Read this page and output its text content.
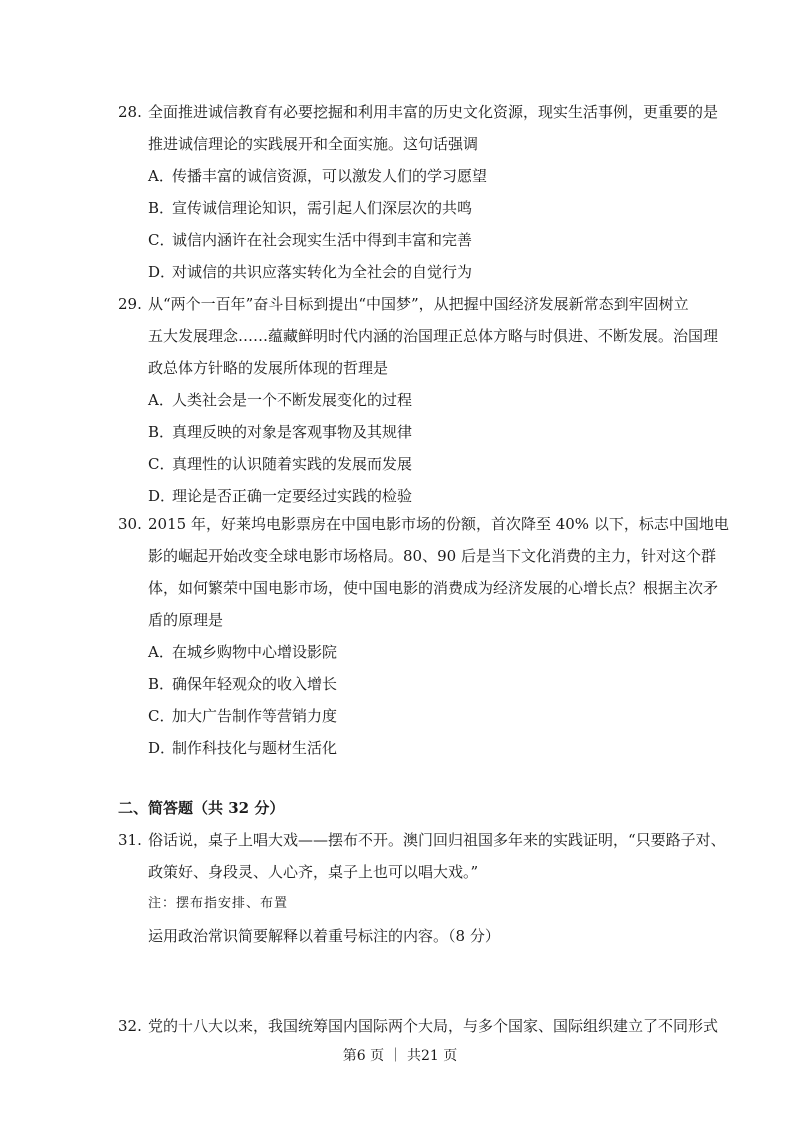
28. 全面推进诚信教育有必要挖掘和利用丰富的历史文化资源，现实生活事例，更重要的是
推进诚信理论的实践展开和全面实施。这句话强调
A．传播丰富的诚信资源，可以激发人们的学习愿望
B．宣传诚信理论知识，需引起人们深层次的共鸣
C．诚信内涵许在社会现实生活中得到丰富和完善
D．对诚信的共识应落实转化为全社会的自觉行为
29. 从“两个一百年”奋斗目标到提出“中国梦”，从把握中国经济发展新常态到牢固树立
五大发展理念……蕴藏鲜明时代内涵的治国理正总体方略与时俱进、不断发展。治国理
政总体方针略的发展所体现的哲理是
A．人类社会是一个不断发展变化的过程
B．真理反映的对象是客观事物及其规律
C．真理性的认识随着实践的发展而发展
D．理论是否正确一定要经过实践的检验
30. 2015 年，好莱坞电影票房在中国电影市场的份额，首次降至 40% 以下，标志中国地电
影的崛起开始改变全球电影市场格局。80、90 后是当下文化消费的主力，针对这个群
体，如何繁荣中国电影市场，使中国电影的消费成为经济发展的心增长点？根据主次矛
盾的原理是
A．在城乡购物中心增设影院
B．确保年轻观众的收入增长
C．加大广告制作等营销力度
D．制作科技化与题材生活化
二、简答题（共 32 分）
31. 俗话说，桌子上唱大戏——摆布不开。澳门回归祖国多年来的实践证明，“只要路子对、
政策好、身段灵、人心齐，桌子上也可以唱大戏。”
注：摆布指安排、布置
运用政治常识简要解释以着重号标注的内容。（8 分）
32. 党的十八大以来，我国统筹国内国际两个大局，与多个国家、国际组织建立了不同形式
第6 页 ｜ 共21 页
